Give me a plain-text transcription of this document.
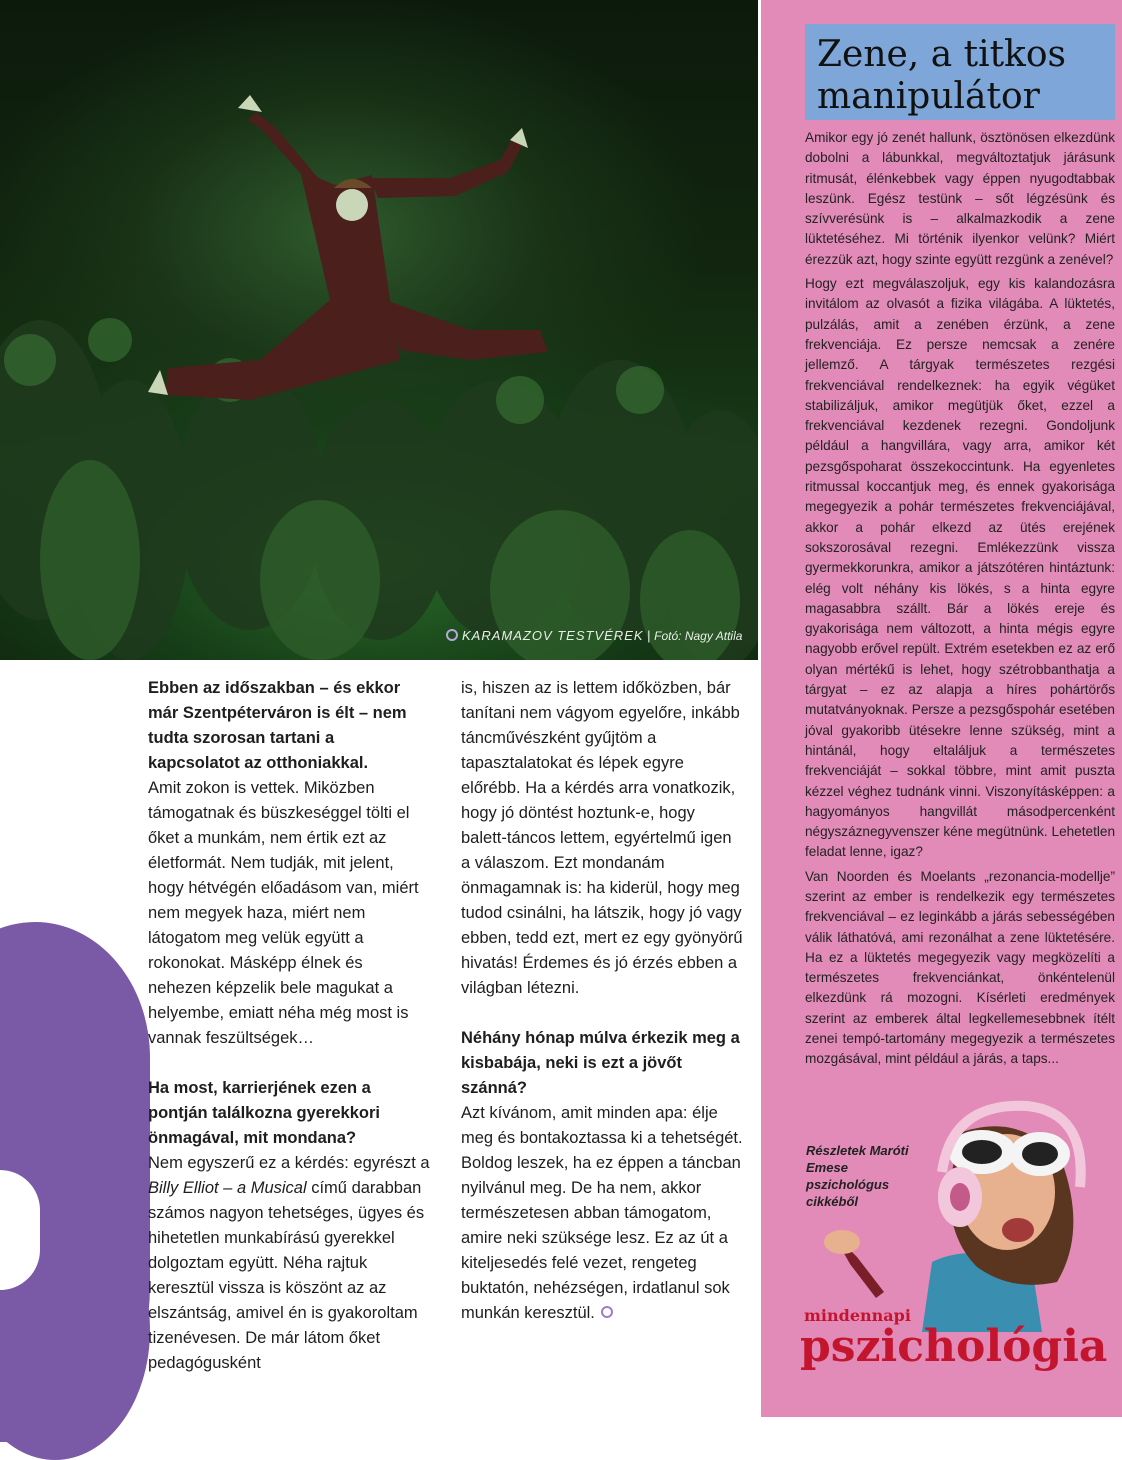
KARAMAZOV TESTVÉREK | Fotó: Nagy Attila

Ebben az időszakban – és ekkor már Szentpéterváron is élt – nem tudta szorosan tartani a kapcsolatot az otthoniakkal.

Amit zokon is vettek. Miközben támogatnak és büszkeséggel tölti el őket a munkám, nem értik ezt az életformát. Nem tudják, mit jelent, hogy hétvégén előadásom van, miért nem megyek haza, miért nem látogatom meg velük együtt a rokonokat. Másképp élnek és nehezen képzelik bele magukat a helyembe, emiatt néha még most is vannak feszültségek…

Ha most, karrierjének ezen a pontján találkozna gyerekkori önmagával, mit mondana?

Nem egyszerű ez a kérdés: egyrészt a Billy Elliot – a Musical című darabban számos nagyon tehetséges, ügyes és hihetetlen munkabírású gyerekkel dolgoztam együtt. Néha rajtuk keresztül vissza is köszönt az az elszántság, amivel én is gyakoroltam tizenévesen. De már látom őket pedagógusként

is, hiszen az is lettem időközben, bár tanítani nem vágyom egyelőre, inkább táncművészként gyűjtöm a tapasztalatokat és lépek egyre előrébb. Ha a kérdés arra vonatkozik, hogy jó döntést hoztunk-e, hogy balett-táncos lettem, egyértelmű igen a válaszom. Ezt mondanám önmagamnak is: ha kiderül, hogy meg tudod csinálni, ha látszik, hogy jó vagy ebben, tedd ezt, mert ez egy gyönyörű hivatás! Érdemes és jó érzés ebben a világban létezni.

Néhány hónap múlva érkezik meg a kisbabája, neki is ezt a jövőt szánná?

Azt kívánom, amit minden apa: élje meg és bontakoztassa ki a tehetségét. Boldog leszek, ha ez éppen a táncban nyilvánul meg. De ha nem, akkor természetesen abban támogatom, amire neki szüksége lesz. Ez az út a kiteljesedés felé vezet, rengeteg buktatón, nehézségen, irdatlanul sok munkán keresztül.

Zene, a titkos manipulátor

Amikor egy jó zenét hallunk, ösztönösen elkezdünk dobolni a lábunkkal, megváltoztatjuk járásunk ritmusát, élénkebbek vagy éppen nyugodtabbak leszünk. Egész testünk – sőt légzésünk és szívverésünk is – alkalmazkodik a zene lüktetéséhez. Mi történik ilyenkor velünk? Miért érezzük azt, hogy szinte együtt rezgünk a zenével?

Hogy ezt megválaszoljuk, egy kis kalandozásra invitálom az olvasót a fizika világába. A lüktetés, pulzálás, amit a zenében érzünk, a zene frekvenciája. Ez persze nemcsak a zenére jellemző. A tárgyak természetes rezgési frekvenciával rendelkeznek: ha egyik végüket stabilizáljuk, amikor megütjük őket, ezzel a frekvenciával kezdenek rezegni. Gondoljunk például a hangvillára, vagy arra, amikor két pezsgőspoharat összekoccintunk. Ha egyenletes ritmussal koccantjuk meg, és ennek gyakorisága megegyezik a pohár természetes frekvenciájával, akkor a pohár elkezd az ütés erejének sokszorosával rezegni. Emlékezzünk vissza gyermekkorunkra, amikor a játszótéren hintáztunk: elég volt néhány kis lökés, s a hinta egyre magasabbra szállt. Bár a lökés ereje és gyakorisága nem változott, a hinta mégis egyre nagyobb erővel repült. Extrém esetekben ez az erő olyan mértékű is lehet, hogy szétrobbanthatja a tárgyat – ez az alapja a híres pohártörős mutatványoknak. Persze a pezsgőspohár esetében jóval gyakoribb ütésekre lenne szükség, mint a hintánál, hogy eltaláljuk a természetes frekvenciáját – sokkal többre, mint amit puszta kézzel véghez tudnánk vinni. Viszonyításképpen: a hagyományos hangvillát másodpercenként négyszáznegyvenszer kéne megütnünk. Lehetetlen feladat lenne, igaz?

Van Noorden és Moelants „rezonancia-modellje” szerint az ember is rendelkezik egy természetes frekvenciával – ez leginkább a járás sebességében válik láthatóvá, ami rezonálhat a zene lüktetésére. Ha ez a lüktetés megegyezik vagy megközelíti a természetes frekvenciánkat, önkéntelenül elkezdünk rá mozogni. Kísérleti eredmények szerint az emberek által legkellemesebbnek ítélt zenei tempó-tartomány megegyezik a természetes mozgásával, mint például a járás, a taps...

Részletek Maróti Emese pszichológus cikkéből
mindennapi
pszichológia
